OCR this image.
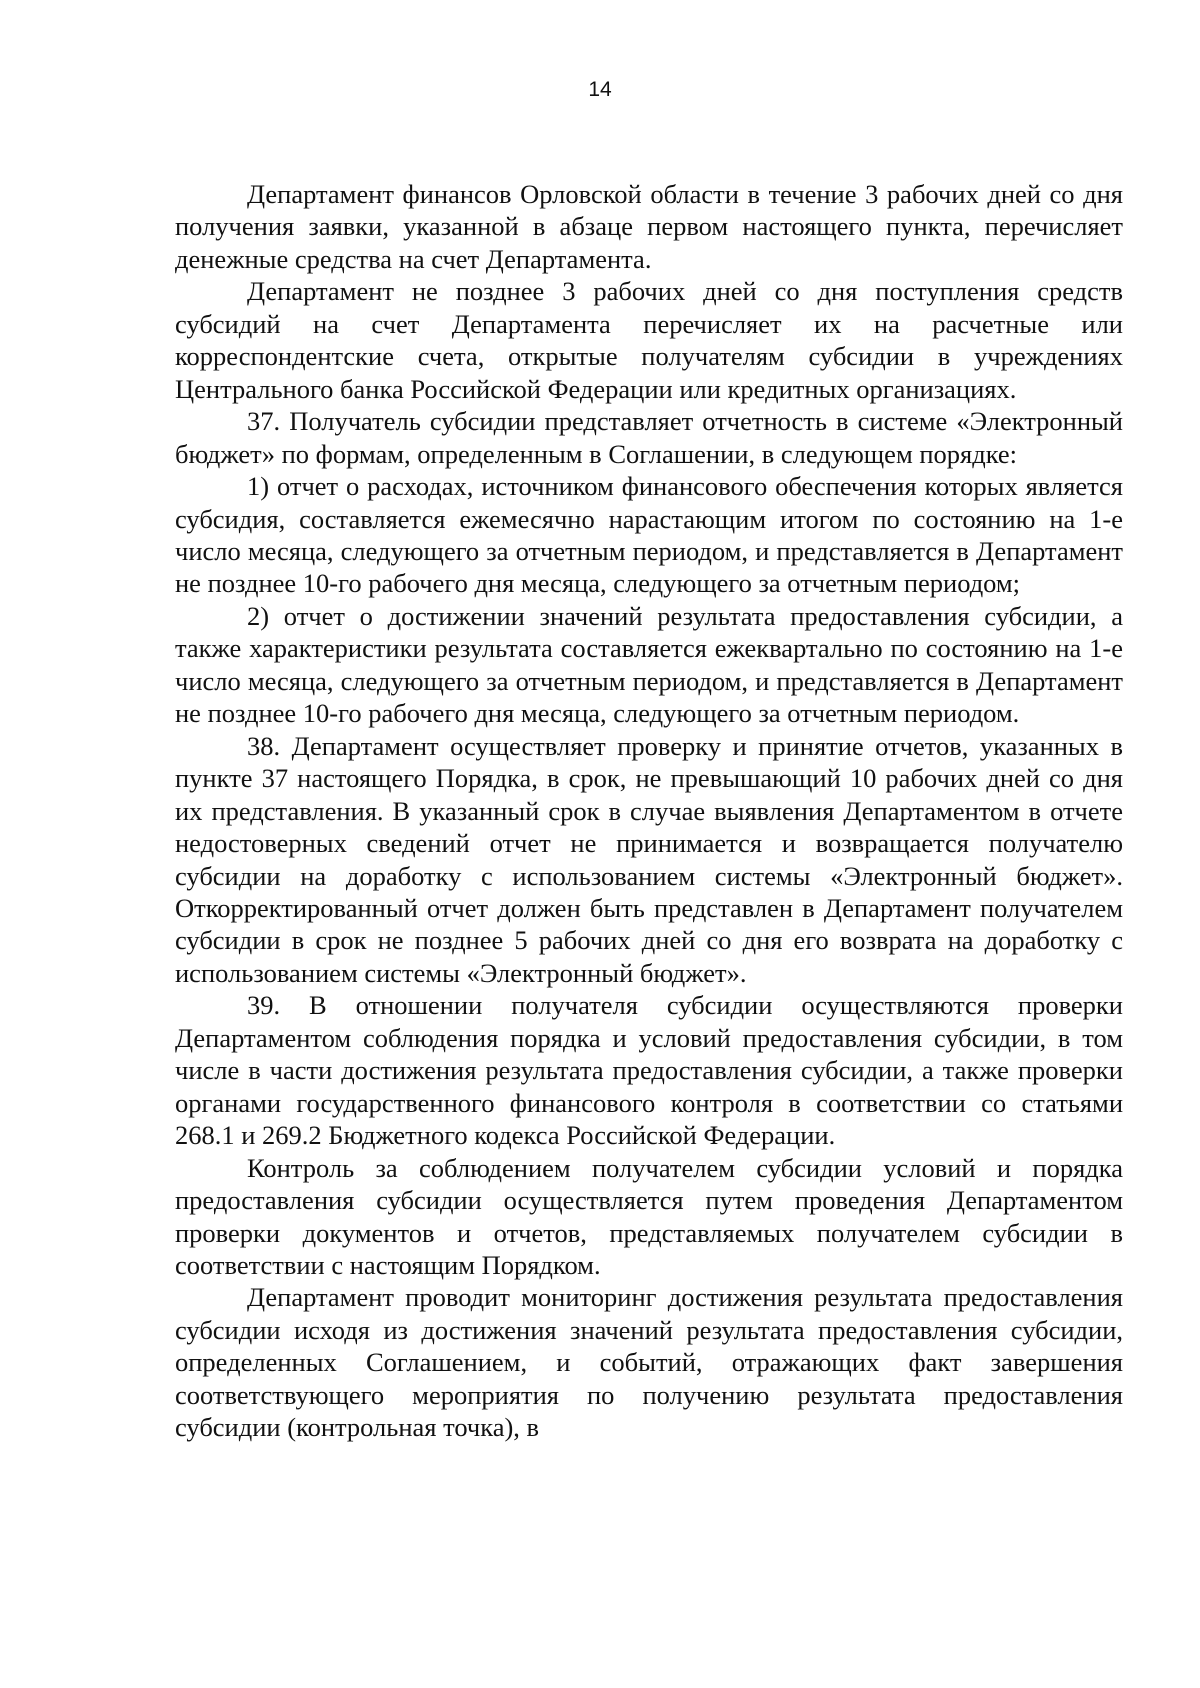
14

Департамент финансов Орловской области в течение 3 рабочих дней со дня получения заявки, указанной в абзаце первом настоящего пункта, перечисляет денежные средства на счет Департамента.

Департамент не позднее 3 рабочих дней со дня поступления средств субсидий на счет Департамента перечисляет их на расчетные или корреспондентские счета, открытые получателям субсидии в учреждениях Центрального банка Российской Федерации или кредитных организациях.

37. Получатель субсидии представляет отчетность в системе «Электронный бюджет» по формам, определенным в Соглашении, в следующем порядке:

1) отчет о расходах, источником финансового обеспечения которых является субсидия, составляется ежемесячно нарастающим итогом по состоянию на 1-е число месяца, следующего за отчетным периодом, и представляется в Департамент не позднее 10-го рабочего дня месяца, следующего за отчетным периодом;

2) отчет о достижении значений результата предоставления субсидии, а также характеристики результата составляется ежеквартально по состоянию на 1-е число месяца, следующего за отчетным периодом, и представляется в Департамент не позднее 10-го рабочего дня месяца, следующего за отчетным периодом.

38. Департамент осуществляет проверку и принятие отчетов, указанных в пункте 37 настоящего Порядка, в срок, не превышающий 10 рабочих дней со дня их представления. В указанный срок в случае выявления Департаментом в отчете недостоверных сведений отчет не принимается и возвращается получателю субсидии на доработку с использованием системы «Электронный бюджет». Откорректированный отчет должен быть представлен в Департамент получателем субсидии в срок не позднее 5 рабочих дней со дня его возврата на доработку с использованием системы «Электронный бюджет».

39. В отношении получателя субсидии осуществляются проверки Департаментом соблюдения порядка и условий предоставления субсидии, в том числе в части достижения результата предоставления субсидии, а также проверки органами государственного финансового контроля в соответствии со статьями 268.1 и 269.2 Бюджетного кодекса Российской Федерации.

Контроль за соблюдением получателем субсидии условий и порядка предоставления субсидии осуществляется путем проведения Департаментом проверки документов и отчетов, представляемых получателем субсидии в соответствии с настоящим Порядком.

Департамент проводит мониторинг достижения результата предоставления субсидии исходя из достижения значений результата предоставления субсидии, определенных Соглашением, и событий, отражающих факт завершения соответствующего мероприятия по получению результата предоставления субсидии (контрольная точка), в
